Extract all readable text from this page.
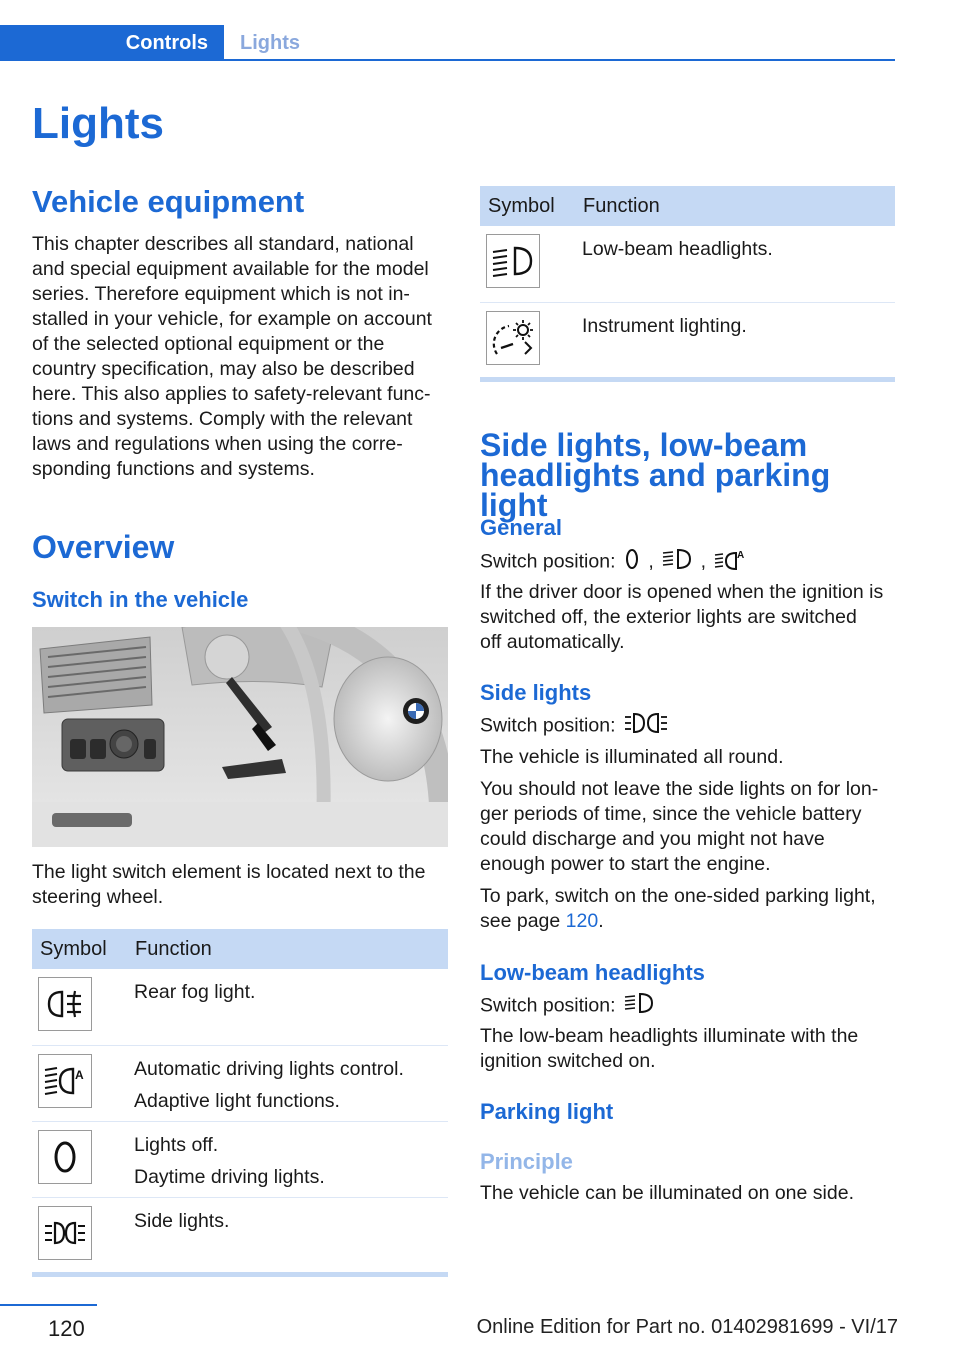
Controls	Lights
Lights
Vehicle equipment

This chapter describes all standard, national

and special equipment available for the model

series. Therefore equipment which is not in‐

stalled in your vehicle, for example on account

of the selected optional equipment or the

country specification, may also be described

here. This also applies to safety-relevant func‐

tions and systems. Comply with the relevant

laws and regulations when using the corre‐

sponding functions and systems.

Overview
Switch in the vehicle

The light switch element is located next to the

steering wheel.

Symbol	Function

Rear fog light.

A	Automatic driving lights control.
Adaptive light functions.

Lights off.
Daytime driving lights.

Side lights.
Symbol	Function

Low-beam headlights.

Instrument lighting.
Side lights, low-beam
headlights and parking light
General

Switch position: , ,	A

If the driver door is opened when the ignition is

switched off, the exterior lights are switched

off automatically.

Side lights

Switch position:

The vehicle is illuminated all round.

You should not leave the side lights on for lon‐

ger periods of time, since the vehicle battery

could discharge and you might not have

enough power to start the engine.

To park, switch on the one-sided parking light,

see page 120.

Low-beam headlights

Switch position:

The low-beam headlights illuminate with the

ignition switched on.

Parking light
Principle

The vehicle can be illuminated on one side.

120	Online Edition for Part no. 01402981699 - VI/17
